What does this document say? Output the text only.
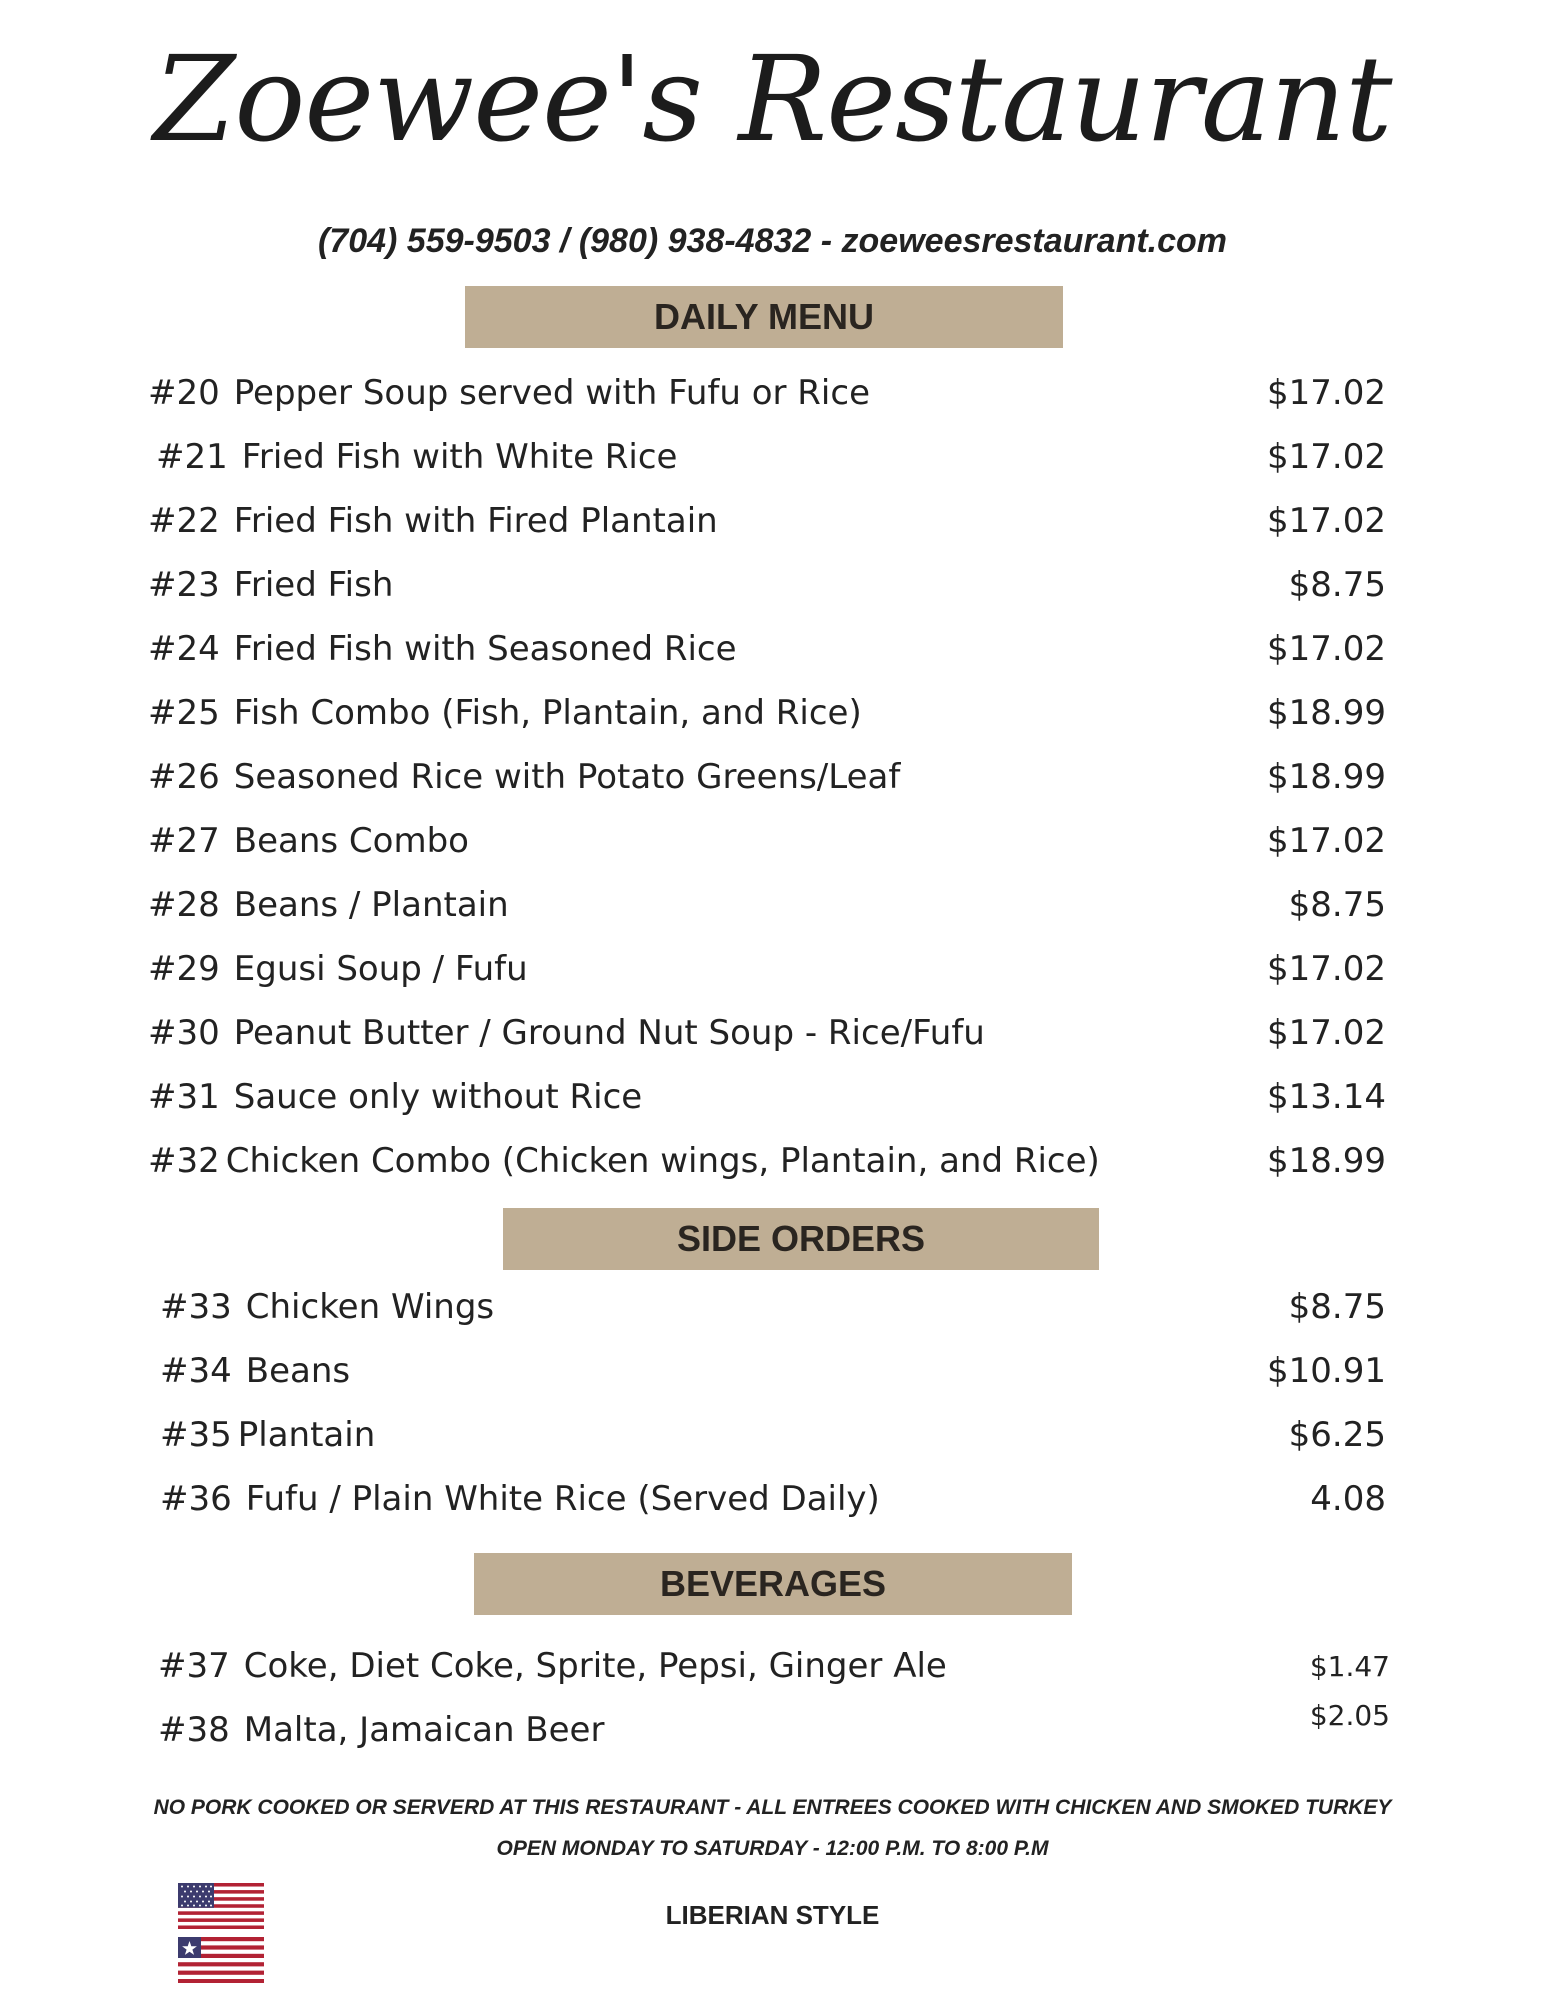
Zoewee's Restaurant
(704) 559-9503 / (980) 938-4832 - zoeweesrestaurant.com
DAILY MENU
#20 Pepper Soup served with Fufu or Rice	$17.02
#21 Fried Fish with White Rice	$17.02
#22 Fried Fish with Fired Plantain	$17.02
#23 Fried Fish	$8.75
#24 Fried Fish with Seasoned Rice	$17.02
#25 Fish Combo (Fish, Plantain, and Rice)	$18.99
#26 Seasoned Rice with Potato Greens/Leaf	$18.99
#27 Beans Combo	$17.02
#28 Beans / Plantain	$8.75
#29 Egusi Soup / Fufu	$17.02
#30 Peanut Butter / Ground Nut Soup - Rice/Fufu	$17.02
#31 Sauce only without Rice	$13.14
#32 Chicken Combo (Chicken wings, Plantain, and Rice)	$18.99
SIDE ORDERS
#33 Chicken Wings	$8.75
#34 Beans	$10.91
#35 Plantain	$6.25
#36 Fufu / Plain White Rice (Served Daily)	4.08
BEVERAGES
#37 Coke, Diet Coke, Sprite, Pepsi, Ginger Ale	$1.47
#38 Malta, Jamaican Beer	$2.05
NO PORK COOKED OR SERVERD AT THIS RESTAURANT - ALL ENTREES COOKED WITH CHICKEN AND SMOKED TURKEY
OPEN MONDAY TO SATURDAY - 12:00 P.M. TO 8:00 P.M
LIBERIAN STYLE
